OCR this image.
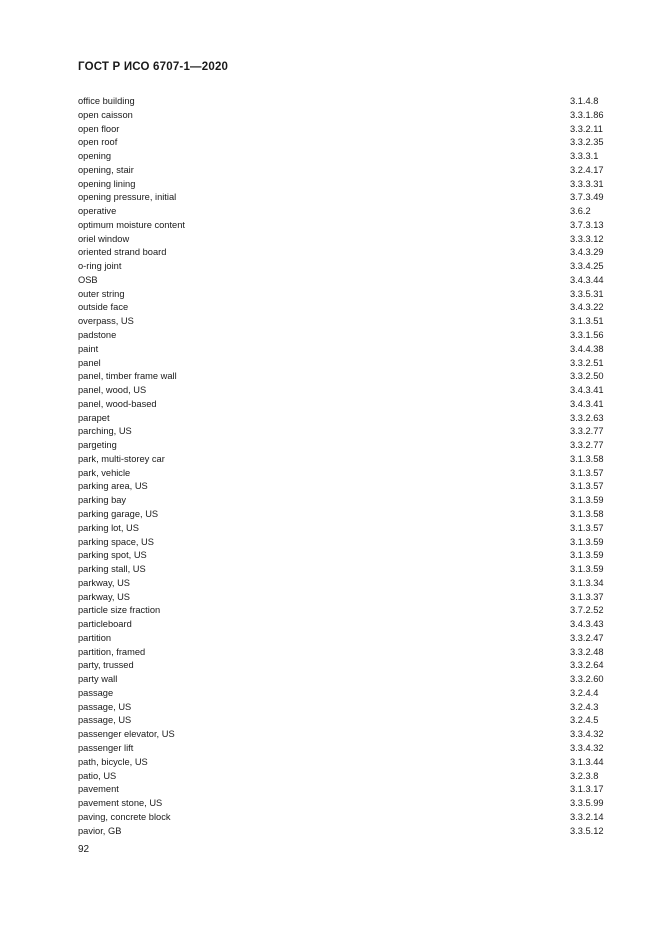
ГОСТ Р ИСО 6707-1—2020
office building	3.1.4.8
open caisson	3.3.1.86
open floor	3.3.2.11
open roof	3.3.2.35
opening	3.3.3.1
opening, stair	3.2.4.17
opening lining	3.3.3.31
opening pressure, initial	3.7.3.49
operative	3.6.2
optimum moisture content	3.7.3.13
oriel window	3.3.3.12
oriented strand board	3.4.3.29
o-ring joint	3.3.4.25
OSB	3.4.3.44
outer string	3.3.5.31
outside face	3.4.3.22
overpass, US	3.1.3.51
padstone	3.3.1.56
paint	3.4.4.38
panel	3.3.2.51
panel, timber frame wall	3.3.2.50
panel, wood, US	3.4.3.41
panel, wood-based	3.4.3.41
parapet	3.3.2.63
parching, US	3.3.2.77
pargeting	3.3.2.77
park, multi-storey car	3.1.3.58
park, vehicle	3.1.3.57
parking area, US	3.1.3.57
parking bay	3.1.3.59
parking garage, US	3.1.3.58
parking lot, US	3.1.3.57
parking space, US	3.1.3.59
parking spot, US	3.1.3.59
parking stall, US	3.1.3.59
parkway, US	3.1.3.34
parkway, US	3.1.3.37
particle size fraction	3.7.2.52
particleboard	3.4.3.43
partition	3.3.2.47
partition, framed	3.3.2.48
party, trussed	3.3.2.64
party wall	3.3.2.60
passage	3.2.4.4
passage, US	3.2.4.3
passage, US	3.2.4.5
passenger elevator, US	3.3.4.32
passenger lift	3.3.4.32
path, bicycle, US	3.1.3.44
patio, US	3.2.3.8
pavement	3.1.3.17
pavement stone, US	3.3.5.99
paving, concrete block	3.3.2.14
pavior, GB	3.3.5.12
92
